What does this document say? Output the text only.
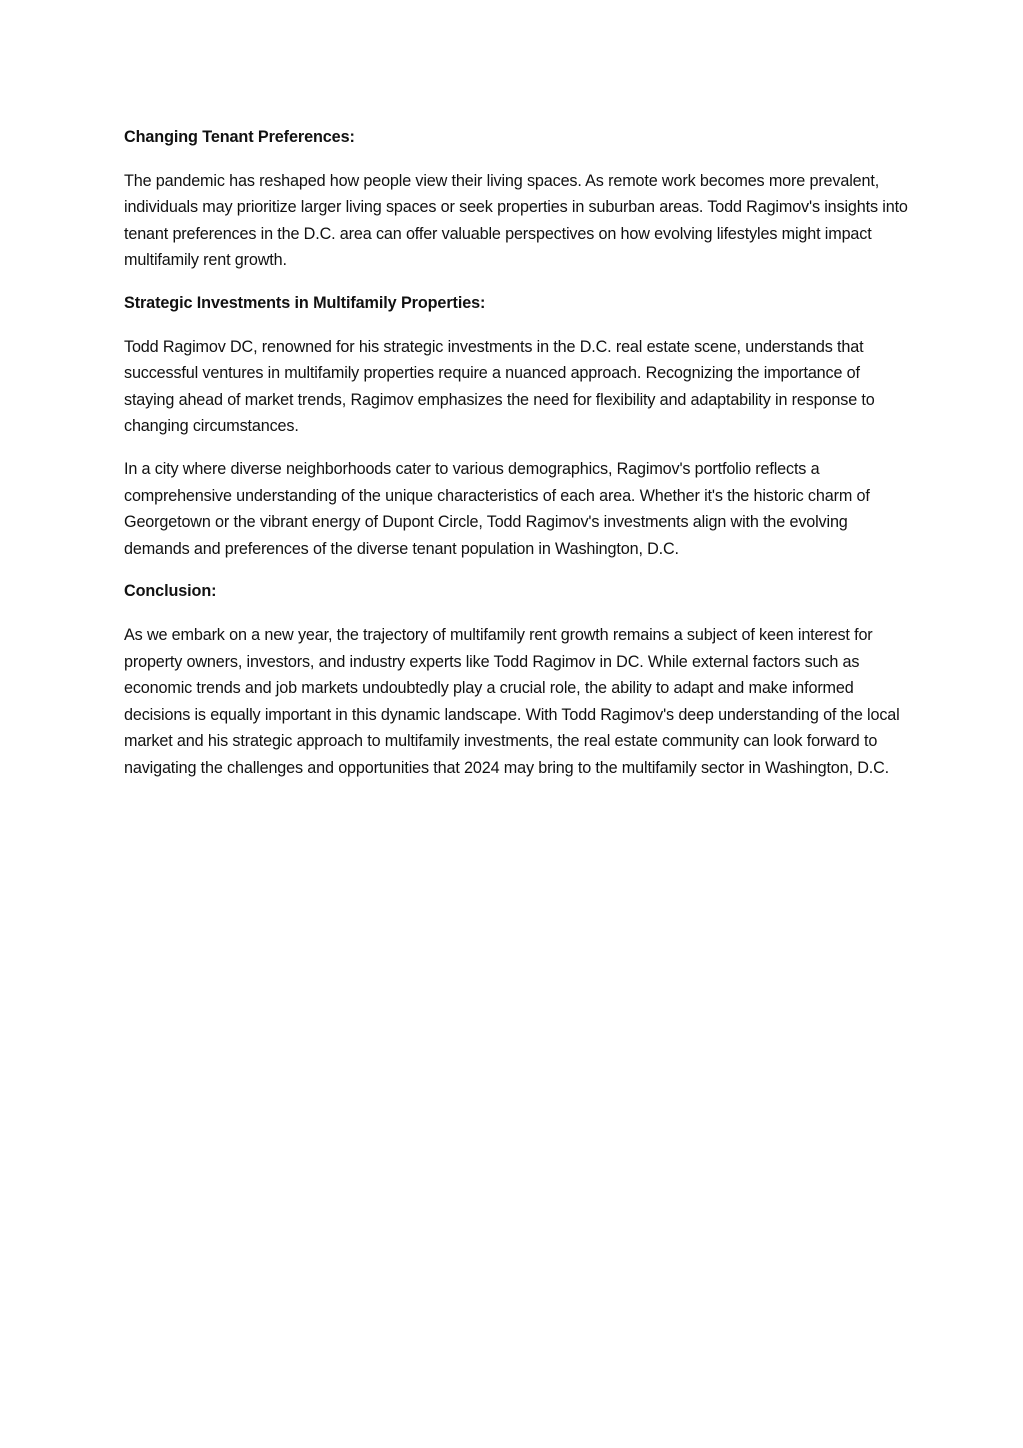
Changing Tenant Preferences:

The pandemic has reshaped how people view their living spaces. As remote work becomes more prevalent, individuals may prioritize larger living spaces or seek properties in suburban areas. Todd Ragimov's insights into tenant preferences in the D.C. area can offer valuable perspectives on how evolving lifestyles might impact multifamily rent growth.

Strategic Investments in Multifamily Properties:

Todd Ragimov DC, renowned for his strategic investments in the D.C. real estate scene, understands that successful ventures in multifamily properties require a nuanced approach. Recognizing the importance of staying ahead of market trends, Ragimov emphasizes the need for flexibility and adaptability in response to changing circumstances.

In a city where diverse neighborhoods cater to various demographics, Ragimov's portfolio reflects a comprehensive understanding of the unique characteristics of each area. Whether it's the historic charm of Georgetown or the vibrant energy of Dupont Circle, Todd Ragimov's investments align with the evolving demands and preferences of the diverse tenant population in Washington, D.C.

Conclusion:

As we embark on a new year, the trajectory of multifamily rent growth remains a subject of keen interest for property owners, investors, and industry experts like Todd Ragimov in DC. While external factors such as economic trends and job markets undoubtedly play a crucial role, the ability to adapt and make informed decisions is equally important in this dynamic landscape. With Todd Ragimov's deep understanding of the local market and his strategic approach to multifamily investments, the real estate community can look forward to navigating the challenges and opportunities that 2024 may bring to the multifamily sector in Washington, D.C.
